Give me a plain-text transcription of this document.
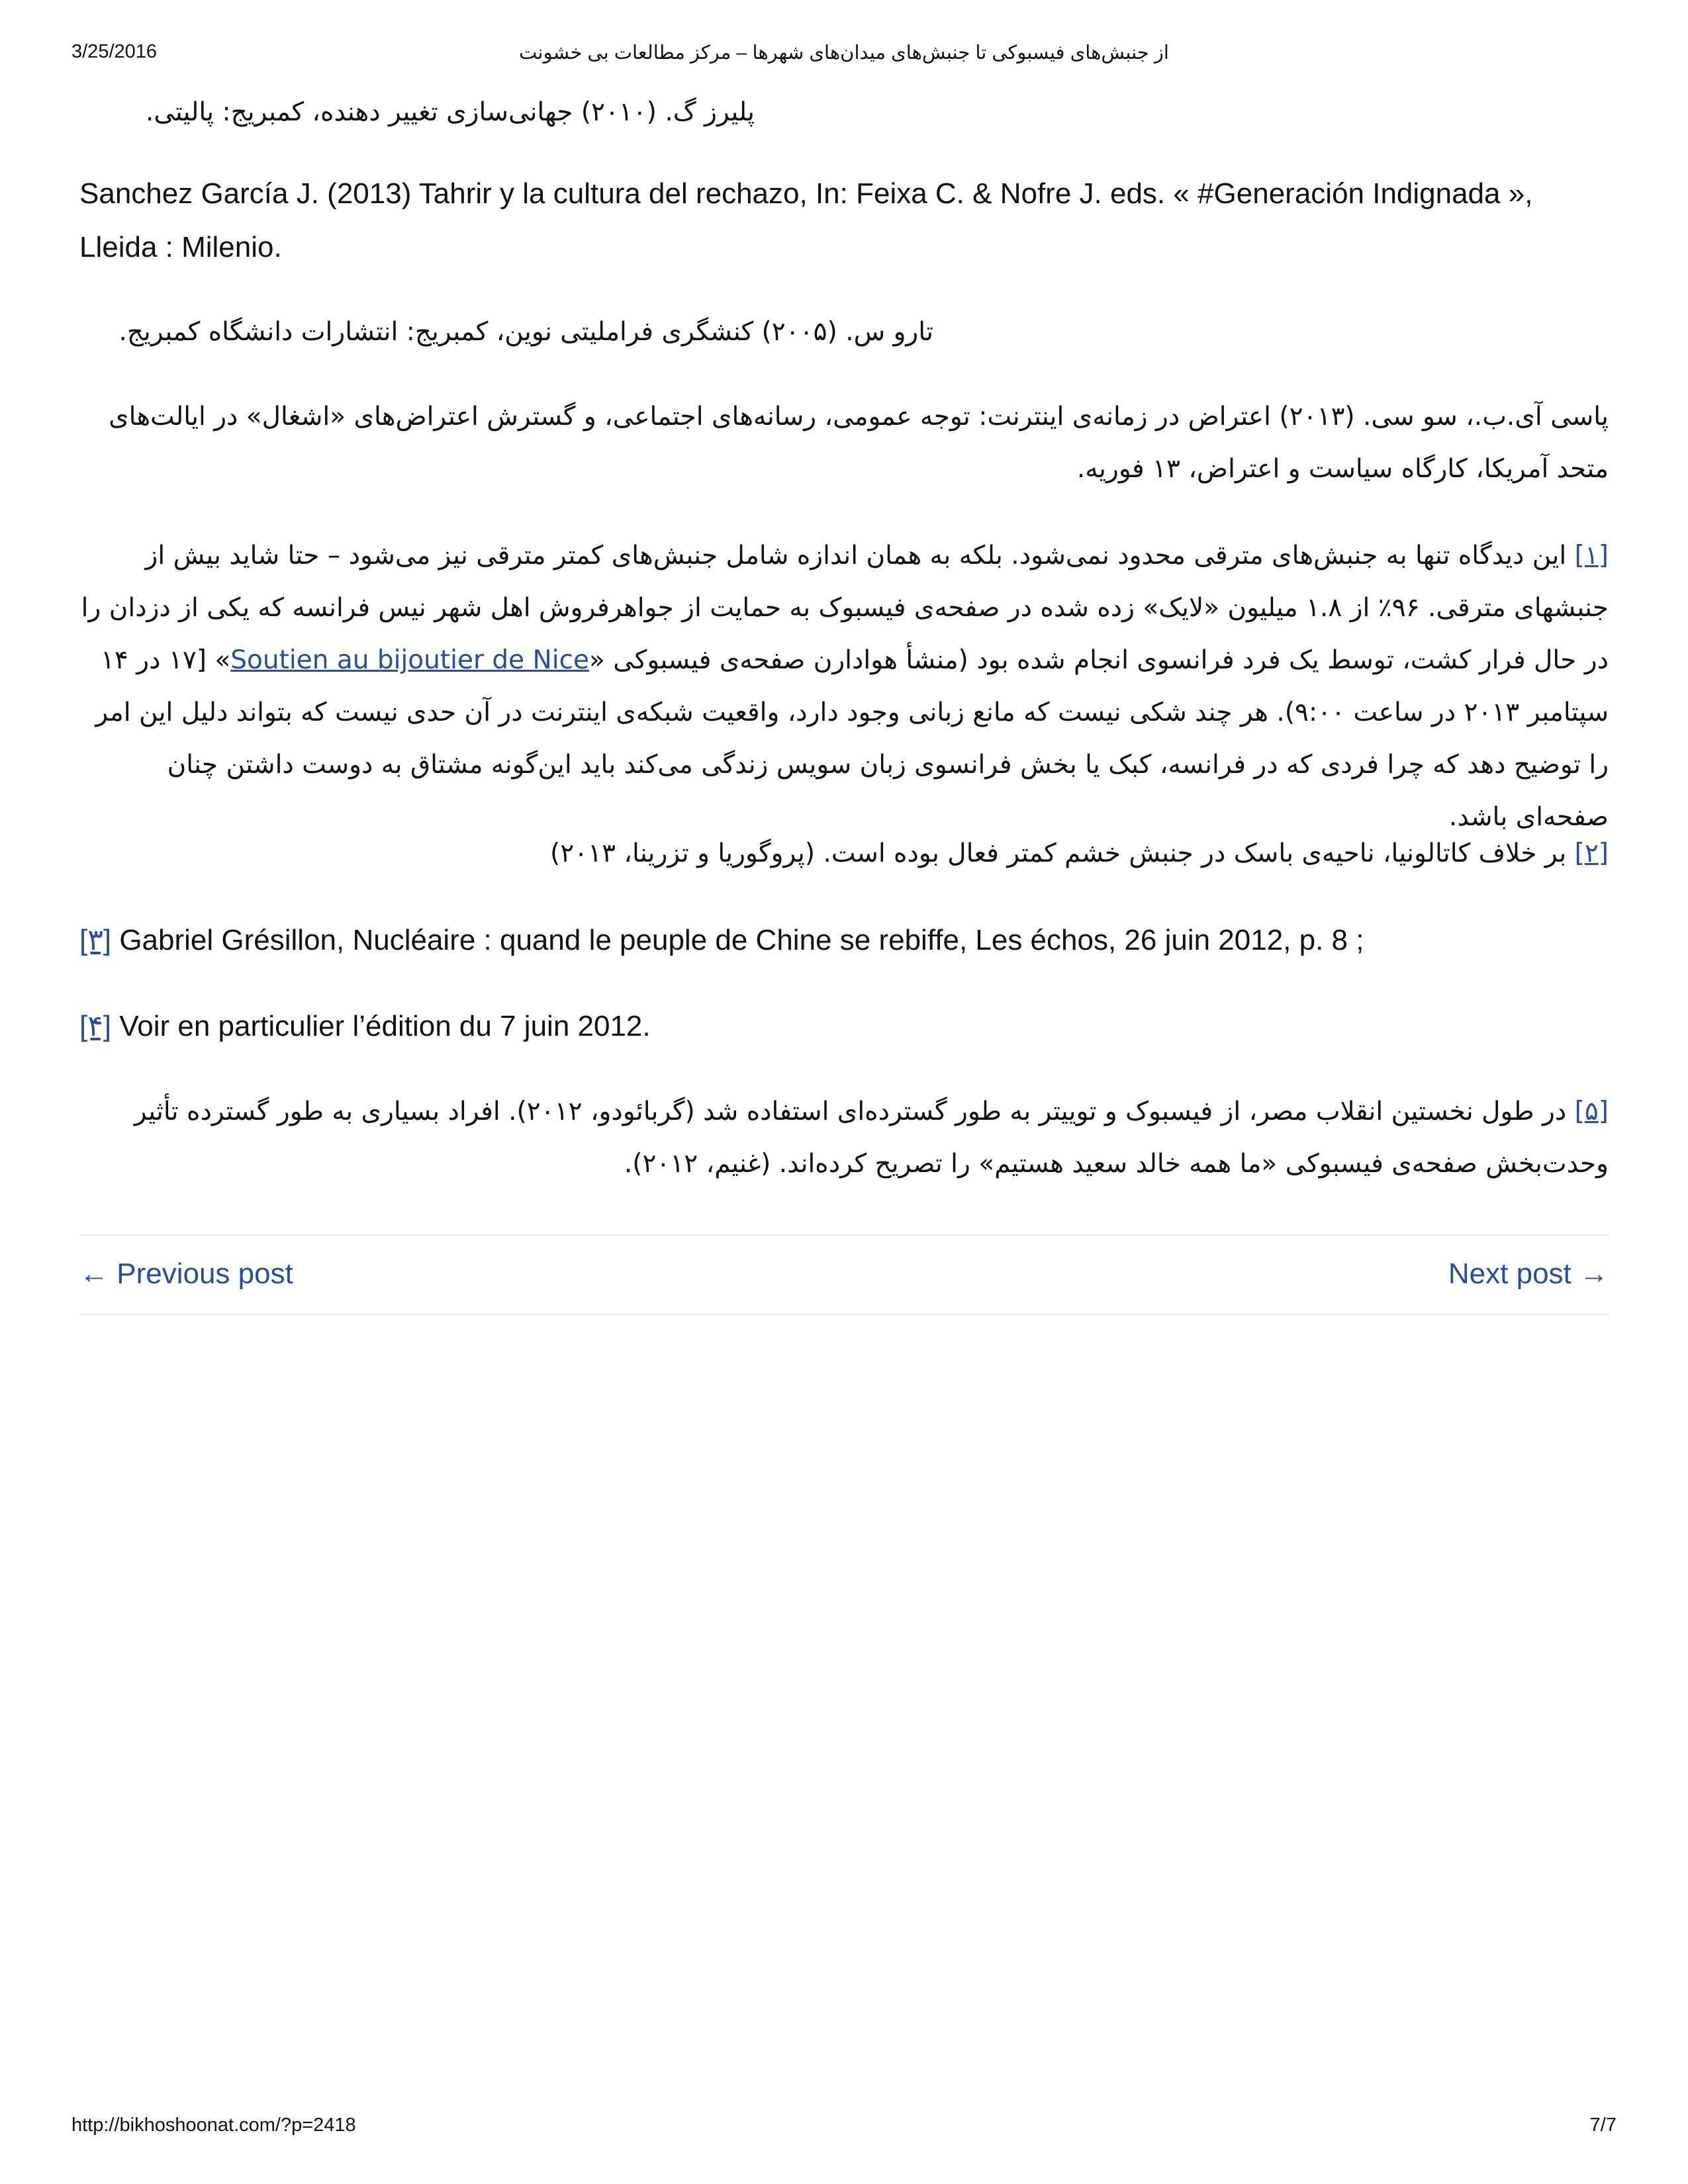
3/25/2016	از جنبش‌های فیسبوکی تا جنبش‌های میدان‌های شهرها – مرکز مطالعات بی خشونت

پلیرز گ. (۲۰۱۰) جهانی‌سازی تغییر دهنده، کمبریج: پالیتی.

Sanchez García J. (2013) Tahrir y la cultura del rechazo, In: Feixa C. & Nofre J. eds. « #Generación Indignada », Lleida : Milenio.

تارو س. (۲۰۰۵) کنشگری فراملیتی نوین، کمبریج: انتشارات دانشگاه کمبریج.

پاسی آی.ب.، سو سی. (۲۰۱۳) اعتراض در زمانه‌ی اینترنت: توجه عمومی، رسانه‌های اجتماعی، و گسترش اعتراض‌های «اشغال» در ایالت‌های متحد آمریکا، کارگاه سیاست و اعتراض، ۱۳ فوریه.

[۱] این دیدگاه تنها به جنبش‌های مترقی محدود نمی‌شود. بلکه به همان اندازه شامل جنبش‌های کمتر مترقی نیز می‌شود – حتا شاید بیش از جنبشهای مترقی. ۹۶٪ از ۱.۸ میلیون «لایک» زده شده در صفحه‌ی فیسبوک به حمایت از جواهرفروش اهل شهر نیس فرانسه که یکی از دزدان را در حال فرار کشت، توسط یک فرد فرانسوی انجام شده بود (منشأ هوادارن صفحه‌ی فیسبوکی «Soutien au bijoutier de Nice» [۱۷ در ۱۴ سپتامبر ۲۰۱۳ در ساعت ۹:۰۰). هر چند شکی نیست که مانع زبانی وجود دارد، واقعیت شبکه‌ی اینترنت در آن حدی نیست که بتواند دلیل این امر را توضیح دهد که چرا فردی که در فرانسه، کبک یا بخش فرانسوی زبان سویس زندگی می‌کند باید این‌گونه مشتاق به دوست داشتن چنان صفحه‌ای باشد.

[۲] بر خلاف کاتالونیا، ناحیه‌ی باسک در جنبش خشم کمتر فعال بوده است. (پروگوریا و تزرینا، ۲۰۱۳)

[۳] Gabriel Grésillon, Nucléaire : quand le peuple de Chine se rebiffe, Les échos, 26 juin 2012, p. 8 ;

[۴] Voir en particulier l’édition du 7 juin 2012.

[۵] در طول نخستین انقلاب مصر، از فیسبوک و توییتر به طور گسترده‌ای استفاده شد (گربائودو، ۲۰۱۲). افراد بسیاری به طور گسترده تأثیر وحدت‌بخش صفحه‌ی فیسبوکی «ما همه خالد سعید هستیم» را تصریح کرده‌اند. (غنیم، ۲۰۱۲).

← Previous post	Next post →
http://bikhoshoonat.com/?p=2418	7/7
